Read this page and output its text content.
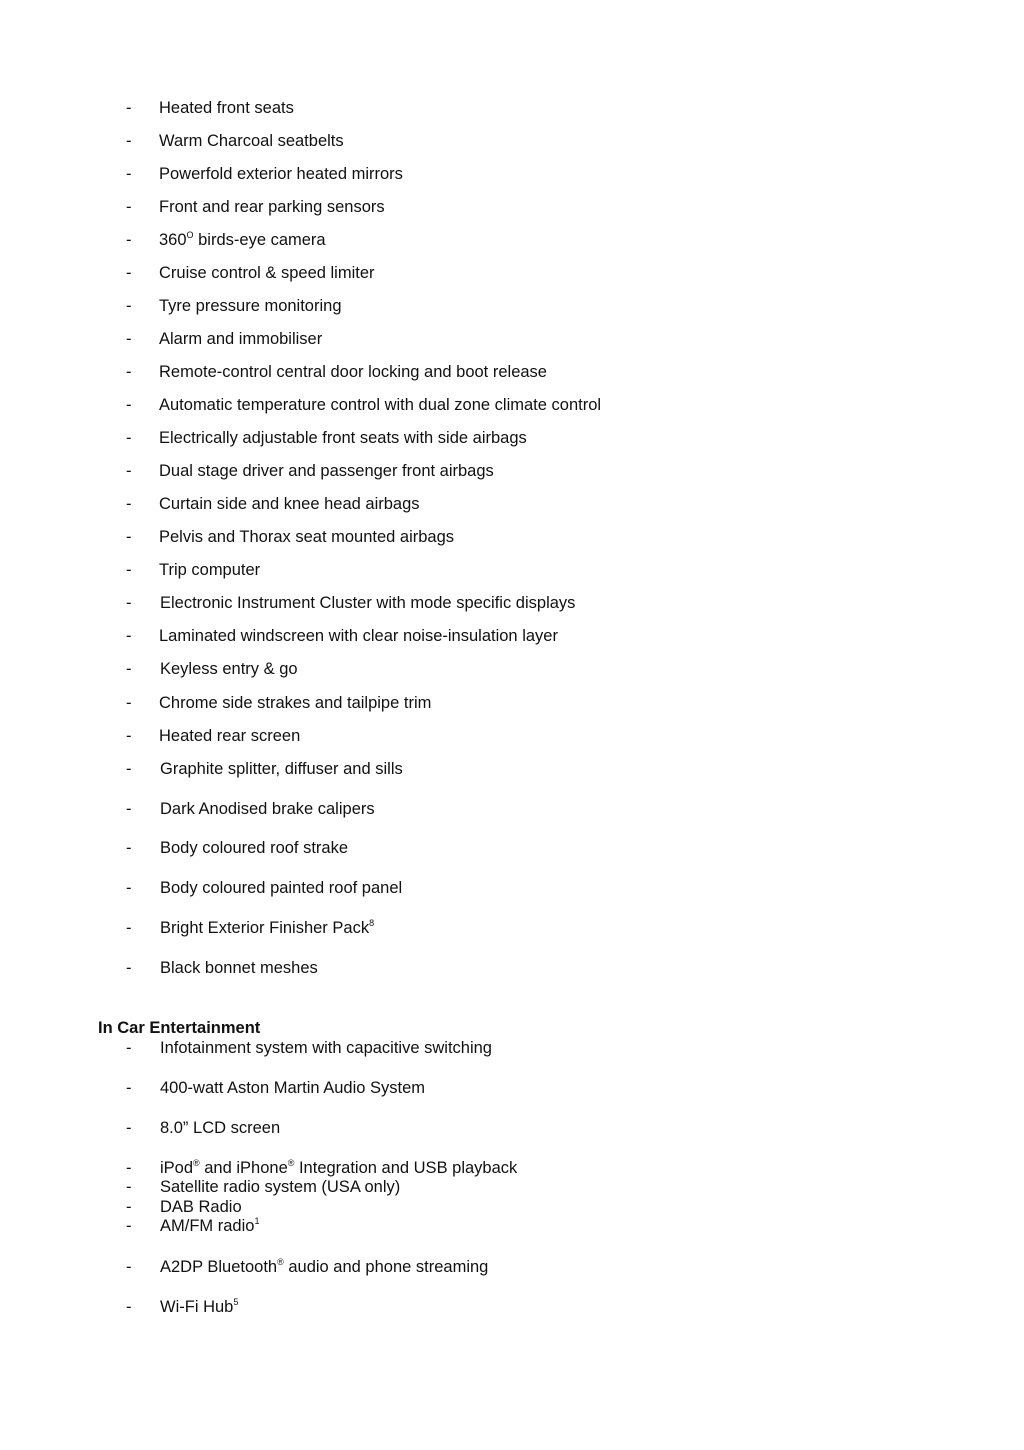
- Heated front seats
- Warm Charcoal seatbelts
- Powerfold exterior heated mirrors
- Front and rear parking sensors
- $360^O$ birds-eye camera
- Cruise control & speed limiter
- Tyre pressure monitoring
- Alarm and immobiliser
- Remote-control central door locking and boot release
- Automatic temperature control with dual zone climate control
- Electrically adjustable front seats with side airbags
- Dual stage driver and passenger front airbags
- Curtain side and knee head airbags
- Pelvis and Thorax seat mounted airbags
- Trip computer
- Electronic Instrument Cluster with mode specific displays
- Laminated windscreen with clear noise-insulation layer
- Keyless entry & go
- Chrome side strakes and tailpipe trim
- Heated rear screen
- Graphite splitter, diffuser and sills
- Dark Anodised brake calipers
- Body coloured roof strake
- Body coloured painted roof panel
- Bright Exterior Finisher Pack$^8$
- Black bonnet meshes
In Car Entertainment
- Infotainment system with capacitive switching
- 400-watt Aston Martin Audio System
- 8.0” LCD screen
- iPod® and iPhone® Integration and USB playback
- Satellite radio system (USA only)
- DAB Radio
- AM/FM radio$^1$
- A2DP Bluetooth® audio and phone streaming
- Wi-Fi Hub$^5$
